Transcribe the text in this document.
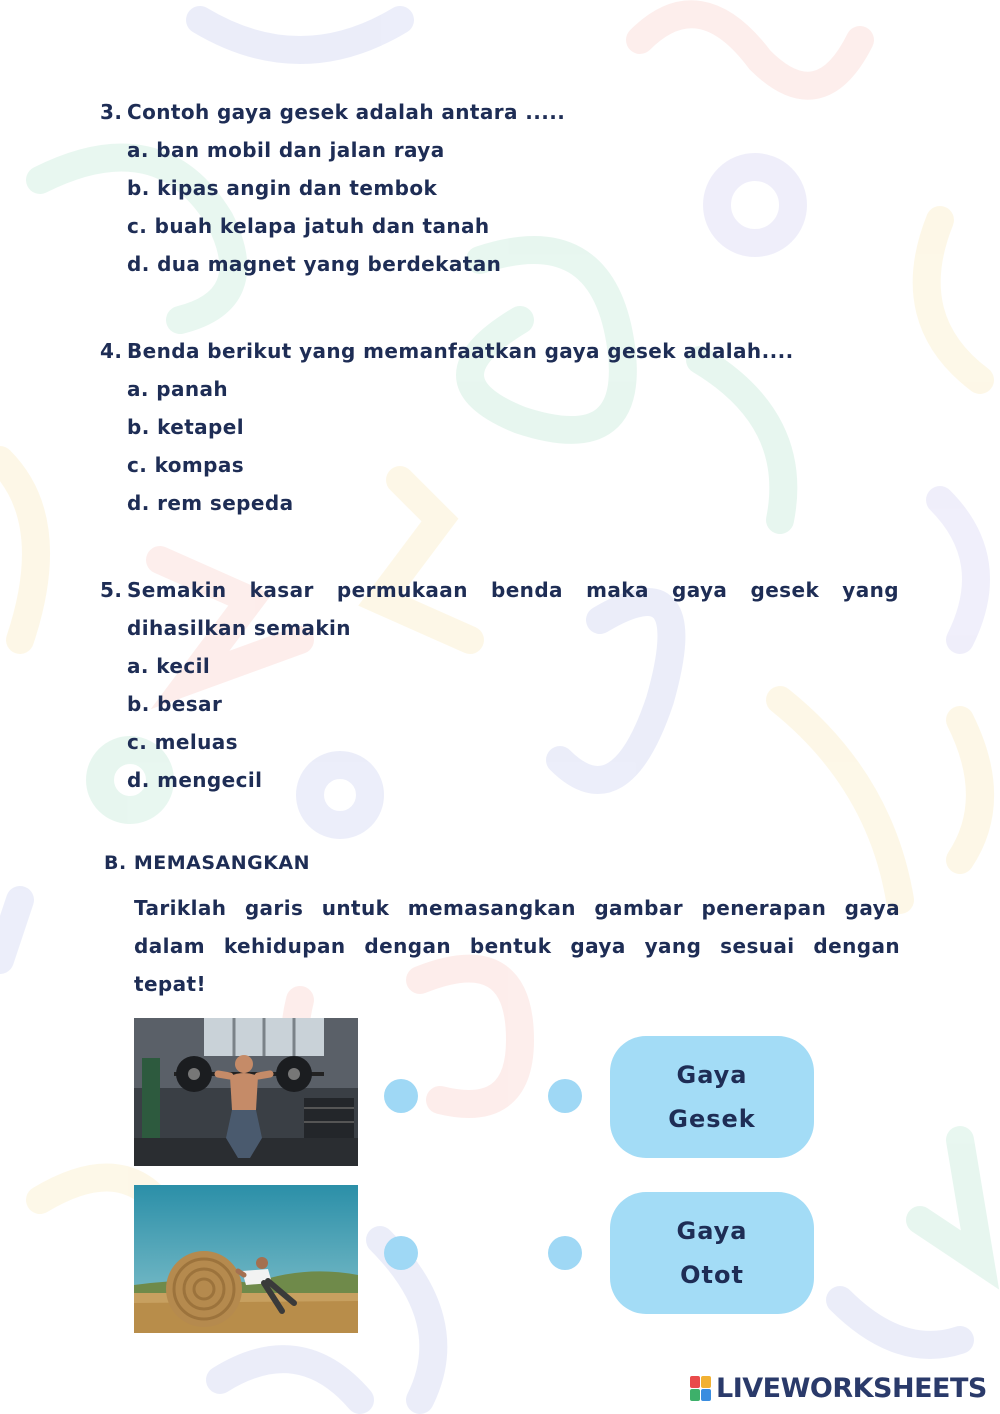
3. Contoh gaya gesek adalah antara .....
a. ban mobil dan jalan raya
b. kipas angin dan tembok
c. buah kelapa jatuh dan tanah
d. dua magnet yang berdekatan
4. Benda berikut yang memanfaatkan gaya gesek adalah....
a. panah
b. ketapel
c. kompas
d. rem sepeda
5. Semakin kasar permukaan benda maka gaya gesek yang
dihasilkan semakin
a. kecil
b. besar
c. meluas
d. mengecil
B. MEMASANGKAN
Tariklah garis untuk memasangkan gambar penerapan gaya
dalam kehidupan dengan bentuk gaya yang sesuai dengan
tepat!
Gaya
Gesek
Gaya
Otot
LIVEWORKSHEETS
